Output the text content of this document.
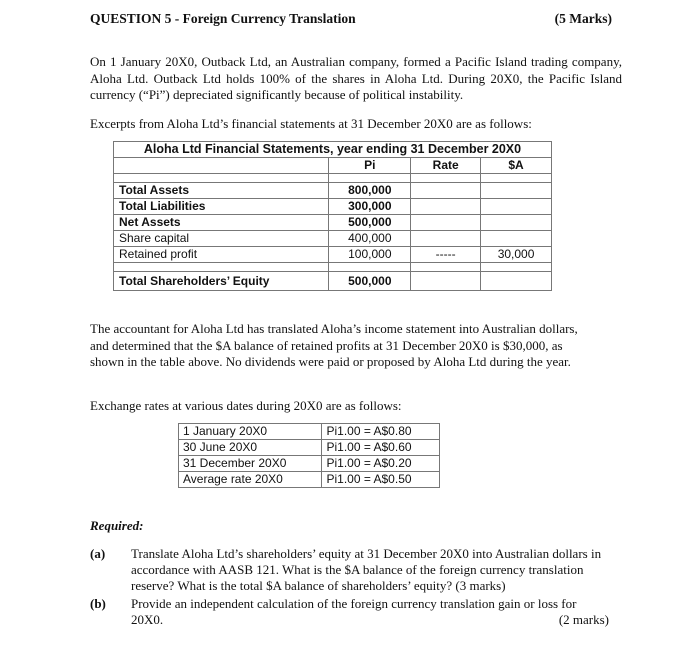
QUESTION 5 - Foreign Currency Translation	(5 Marks)

On 1 January 20X0, Outback Ltd, an Australian company, formed a Pacific Island trading company, Aloha Ltd. Outback Ltd holds 100% of the shares in Aloha Ltd. During 20X0, the Pacific Island currency (“Pi”) depreciated significantly because of political instability.

Excerpts from Aloha Ltd’s financial statements at 31 December 20X0 are as follows:

Aloha Ltd Financial Statements, year ending 31 December 20X0			
	Pi	Rate	$A

Total Assets	800,000		
Total Liabilities	300,000		
Net Assets	500,000		
Share capital	400,000		
Retained profit	100,000	-----	30,000

Total Shareholders’ Equity	500,000		

The accountant for Aloha Ltd has translated Aloha’s income statement into Australian dollars, and determined that the $A balance of retained profits at 31 December 20X0 is $30,000, as shown in the table above. No dividends were paid or proposed by Aloha Ltd during the year.

Exchange rates at various dates during 20X0 are as follows:

1 January 20X0	Pi1.00 = A$0.80
30 June 20X0	Pi1.00 = A$0.60
31 December 20X0	Pi1.00 = A$0.20
Average rate 20X0	Pi1.00 = A$0.50
Required:
(a) Translate Aloha Ltd’s shareholders’ equity at 31 December 20X0 into Australian dollars in accordance with AASB 121. What is the $A balance of the foreign currency translation reserve? What is the total $A balance of shareholders’ equity? (3 marks)
(b) Provide an independent calculation of the foreign currency translation gain or loss for 20X0.	(2 marks)
